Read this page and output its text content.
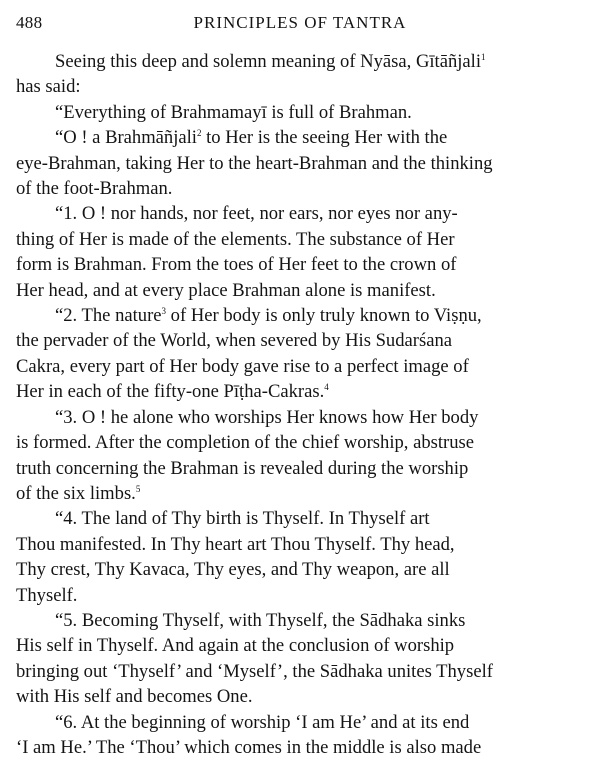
488	PRINCIPLES OF TANTRA

Seeing this deep and solemn meaning of Nyāsa, Gītāñjali$^1$
has said:

“Everything of Brahmamayī is full of Brahman.

“O ! a Brahmāñjali$^2$ to Her is the seeing Her with the
eye-Brahman, taking Her to the heart-Brahman and the thinking
of the foot-Brahman.

“1. O ! nor hands, nor feet, nor ears, nor eyes nor any-
thing of Her is made of the elements. The substance of Her
form is Brahman. From the toes of Her feet to the crown of
Her head, and at every place Brahman alone is manifest.

“2. The nature$^3$ of Her body is only truly known to Viṣṇu,
the pervader of the World, when severed by His Sudarśana
Cakra, every part of Her body gave rise to a perfect image of
Her in each of the fifty-one Pīṭha-Cakras.$^4$

“3. O ! he alone who worships Her knows how Her body
is formed. After the completion of the chief worship, abstruse
truth concerning the Brahman is revealed during the worship
of the six limbs.$^5$

“4. The land of Thy birth is Thyself. In Thyself art
Thou manifested. In Thy heart art Thou Thyself. Thy head,
Thy crest, Thy Kavaca, Thy eyes, and Thy weapon, are all
Thyself.

“5. Becoming Thyself, with Thyself, the Sādhaka sinks
His self in Thyself. And again at the conclusion of worship
bringing out ‘Thyself’ and ‘Myself’, the Sādhaka unites Thyself
with His self and becomes One.

“6. At the beginning of worship ‘I am He’ and at its end
‘I am He.’ The ‘Thou’ which comes in the middle is also made
